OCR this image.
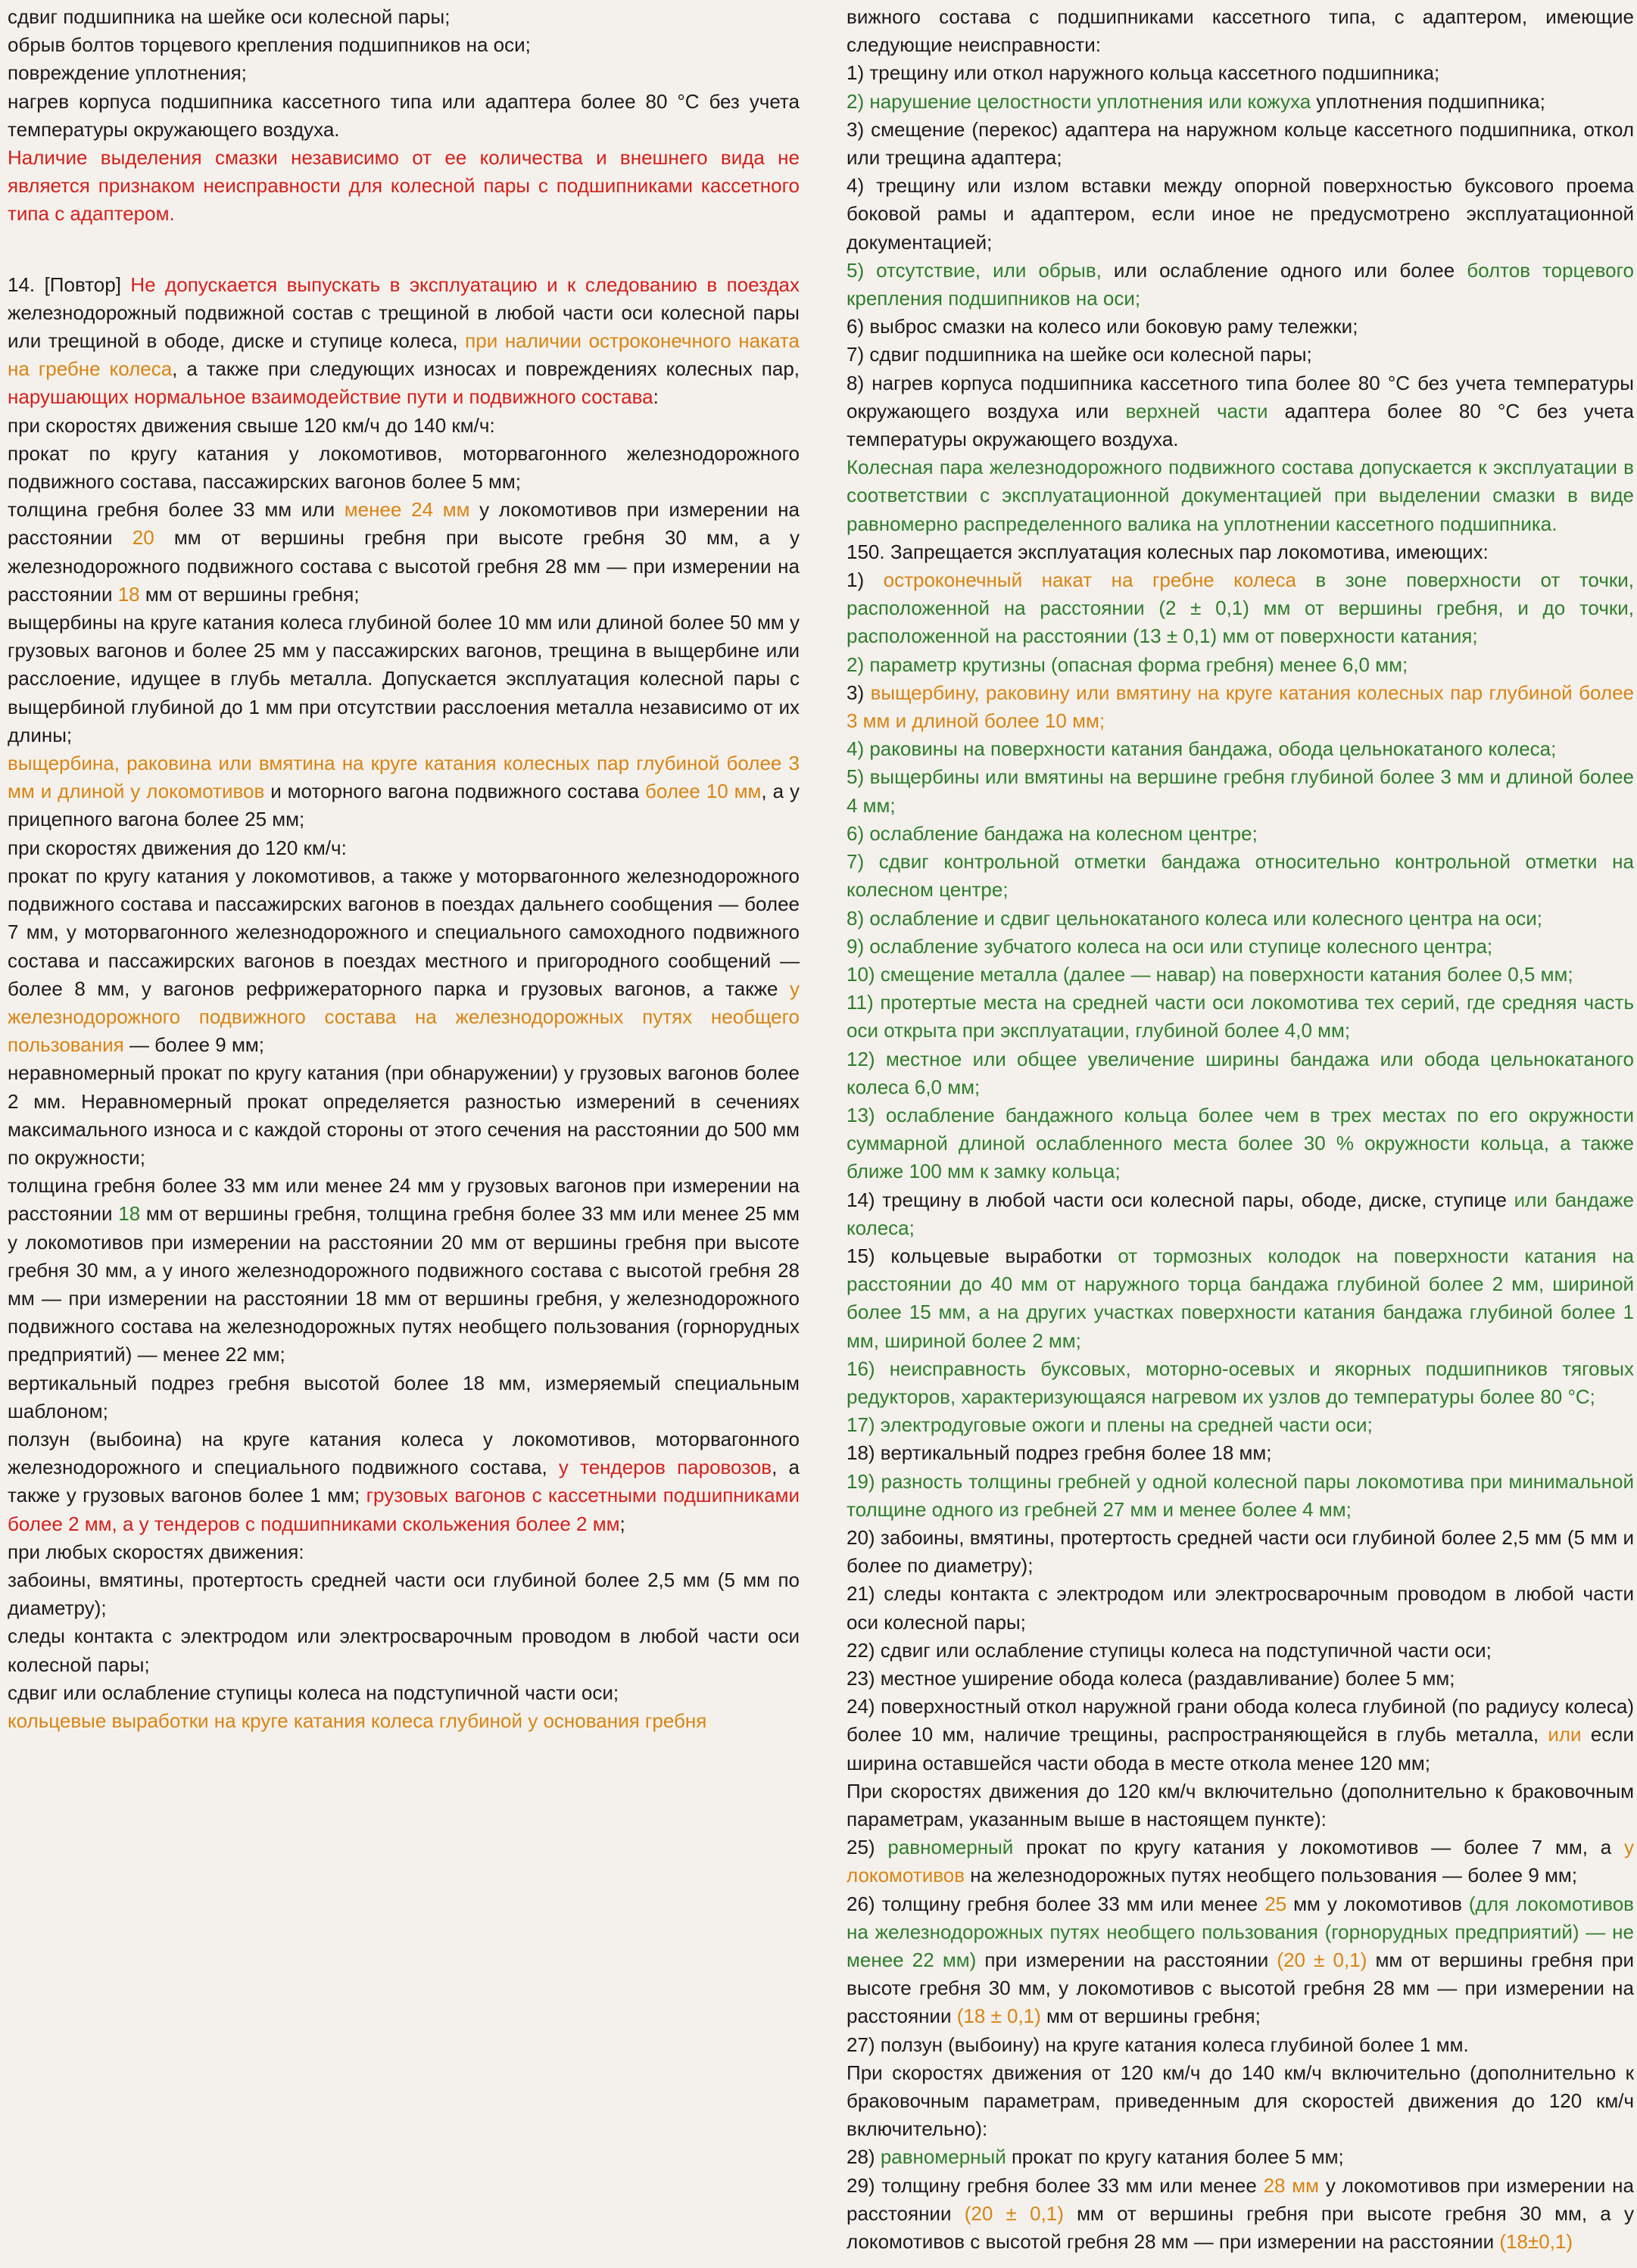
сдвиг подшипника на шейке оси колесной пары;

обрыв болтов торцевого крепления подшипников на оси;

повреждение уплотнения;

нагрев корпуса подшипника кассетного типа или адаптера более 80 °С без учета температуры окружающего воздуха.

Наличие выделения смазки независимо от ее количества и внешнего вида не является признаком неисправности для колесной пары с подшипниками кассетного типа с адаптером.

14. [Повтор] Не допускается выпускать в эксплуатацию и к следованию в поездах железнодорожный подвижной состав с трещиной в любой части оси колесной пары или трещиной в ободе, диске и ступице колеса, при наличии остроконечного наката на гребне колеса, а также при следующих износах и повреждениях колесных пар, нарушающих нормальное взаимодействие пути и подвижного состава:

при скоростях движения свыше 120 км/ч до 140 км/ч:

прокат по кругу катания у локомотивов, моторвагонного железнодорожного подвижного состава, пассажирских вагонов более 5 мм;

толщина гребня более 33 мм или менее 24 мм у локомотивов при измерении на расстоянии 20 мм от вершины гребня при высоте гребня 30 мм, а у железнодорожного подвижного состава с высотой гребня 28 мм — при измерении на расстоянии 18 мм от вершины гребня;

выщербины на круге катания колеса глубиной более 10 мм или длиной более 50 мм у грузовых вагонов и более 25 мм у пассажирских вагонов, трещина в выщербине или расслоение, идущее в глубь металла. Допускается эксплуатация колесной пары с выщербиной глубиной до 1 мм при отсутствии расслоения металла независимо от их длины;

выщербина, раковина или вмятина на круге катания колесных пар глубиной более 3 мм и длиной у локомотивов и моторного вагона подвижного состава более 10 мм, а у прицепного вагона более 25 мм;

при скоростях движения до 120 км/ч:

прокат по кругу катания у локомотивов, а также у моторвагонного железнодорожного подвижного состава и пассажирских вагонов в поездах дальнего сообщения — более 7 мм, у моторвагонного железнодорожного и специального самоходного подвижного состава и пассажирских вагонов в поездах местного и пригородного сообщений — более 8 мм, у вагонов рефрижераторного парка и грузовых вагонов, а также у железнодорожного подвижного состава на железнодорожных путях необщего пользования — более 9 мм;

неравномерный прокат по кругу катания (при обнаружении) у грузовых вагонов более 2 мм. Неравномерный прокат определяется разностью измерений в сечениях максимального износа и с каждой стороны от этого сечения на расстоянии до 500 мм по окружности;

толщина гребня более 33 мм или менее 24 мм у грузовых вагонов при измерении на расстоянии 18 мм от вершины гребня, толщина гребня более 33 мм или менее 25 мм у локомотивов при измерении на расстоянии 20 мм от вершины гребня при высоте гребня 30 мм, а у иного железнодорожного подвижного состава с высотой гребня 28 мм — при измерении на расстоянии 18 мм от вершины гребня, у железнодорожного подвижного состава на железнодорожных путях необщего пользования (горнорудных предприятий) — менее 22 мм;

вертикальный подрез гребня высотой более 18 мм, измеряемый специальным шаблоном;

ползун (выбоина) на круге катания колеса у локомотивов, моторвагонного железнодорожного и специального подвижного состава, у тендеров паровозов, а также у грузовых вагонов более 1 мм; грузовых вагонов с кассетными подшипниками более 2 мм, а у тендеров с подшипниками скольжения более 2 мм;

при любых скоростях движения:

забоины, вмятины, протертость средней части оси глубиной более 2,5 мм (5 мм по диаметру);

следы контакта с электродом или электросварочным проводом в любой части оси колесной пары;

сдвиг или ослабление ступицы колеса на подступичной части оси;

кольцевые выработки на круге катания колеса глубиной у основания гребня

вижного состава с подшипниками кассетного типа, с адаптером, имеющие следующие неисправности:

1) трещину или откол наружного кольца кассетного подшипника;

2) нарушение целостности уплотнения или кожуха уплотнения подшипника;

3) смещение (перекос) адаптера на наружном кольце кассетного подшипника, откол или трещина адаптера;

4) трещину или излом вставки между опорной поверхностью буксового проема боковой рамы и адаптером, если иное не предусмотрено эксплуатационной документацией;

5) отсутствие, или обрыв, или ослабление одного или более болтов торцевого крепления подшипников на оси;

6) выброс смазки на колесо или боковую раму тележки;

7) сдвиг подшипника на шейке оси колесной пары;

8) нагрев корпуса подшипника кассетного типа более 80 °С без учета температуры окружающего воздуха или верхней части адаптера более 80 °С без учета температуры окружающего воздуха.

Колесная пара железнодорожного подвижного состава допускается к эксплуатации в соответствии с эксплуатационной документацией при выделении смазки в виде равномерно распределенного валика на уплотнении кассетного подшипника.

150. Запрещается эксплуатация колесных пар локомотива, имеющих:

1) остроконечный накат на гребне колеса в зоне поверхности от точки, расположенной на расстоянии (2 ± 0,1) мм от вершины гребня, и до точки, расположенной на расстоянии (13 ± 0,1) мм от поверхности катания;

2) параметр крутизны (опасная форма гребня) менее 6,0 мм;

3) выщербину, раковину или вмятину на круге катания колесных пар глубиной более 3 мм и длиной более 10 мм;

4) раковины на поверхности катания бандажа, обода цельнокатаного колеса;

5) выщербины или вмятины на вершине гребня глубиной более 3 мм и длиной более 4 мм;

6) ослабление бандажа на колесном центре;

7) сдвиг контрольной отметки бандажа относительно контрольной отметки на колесном центре;

8) ослабление и сдвиг цельнокатаного колеса или колесного центра на оси;

9) ослабление зубчатого колеса на оси или ступице колесного центра;

10) смещение металла (далее — навар) на поверхности катания более 0,5 мм;

11) протертые места на средней части оси локомотива тех серий, где средняя часть оси открыта при эксплуатации, глубиной более 4,0 мм;

12) местное или общее увеличение ширины бандажа или обода цельнокатаного колеса 6,0 мм;

13) ослабление бандажного кольца более чем в трех местах по его окружности суммарной длиной ослабленного места более 30 % окружности кольца, а также ближе 100 мм к замку кольца;

14) трещину в любой части оси колесной пары, ободе, диске, ступице или бандаже колеса;

15) кольцевые выработки от тормозных колодок на поверхности катания на расстоянии до 40 мм от наружного торца бандажа глубиной более 2 мм, шириной более 15 мм, а на других участках поверхности катания бандажа глубиной более 1 мм, шириной более 2 мм;

16) неисправность буксовых, моторно-осевых и якорных подшипников тяговых редукторов, характеризующаяся нагревом их узлов до температуры более 80 °С;

17) электродуговые ожоги и плены на средней части оси;

18) вертикальный подрез гребня более 18 мм;

19) разность толщины гребней у одной колесной пары локомотива при минимальной толщине одного из гребней 27 мм и менее более 4 мм;

20) забоины, вмятины, протертость средней части оси глубиной более 2,5 мм (5 мм и более по диаметру);

21) следы контакта с электродом или электросварочным проводом в любой части оси колесной пары;

22) сдвиг или ослабление ступицы колеса на подступичной части оси;

23) местное уширение обода колеса (раздавливание) более 5 мм;

24) поверхностный откол наружной грани обода колеса глубиной (по радиусу колеса) более 10 мм, наличие трещины, распространяющейся в глубь металла, или если ширина оставшейся части обода в месте откола менее 120 мм;

При скоростях движения до 120 км/ч включительно (дополнительно к браковочным параметрам, указанным выше в настоящем пункте):

25) равномерный прокат по кругу катания у локомотивов — более 7 мм, а у локомотивов на железнодорожных путях необщего пользования — более 9 мм;

26) толщину гребня более 33 мм или менее 25 мм у локомотивов (для локомотивов на железнодорожных путях необщего пользования (горнорудных предприятий) — не менее 22 мм) при измерении на расстоянии (20 ± 0,1) мм от вершины гребня при высоте гребня 30 мм, у локомотивов с высотой гребня 28 мм — при измерении на расстоянии (18 ± 0,1) мм от вершины гребня;

27) ползун (выбоину) на круге катания колеса глубиной более 1 мм.

При скоростях движения от 120 км/ч до 140 км/ч включительно (дополнительно к браковочным параметрам, приведенным для скоростей движения до 120 км/ч включительно):

28) равномерный прокат по кругу катания более 5 мм;

29) толщину гребня более 33 мм или менее 28 мм у локомотивов при измерении на расстоянии (20 ± 0,1) мм от вершины гребня при высоте гребня 30 мм, а у локомотивов с высотой гребня 28 мм — при измерении на расстоянии (18±0,1)
